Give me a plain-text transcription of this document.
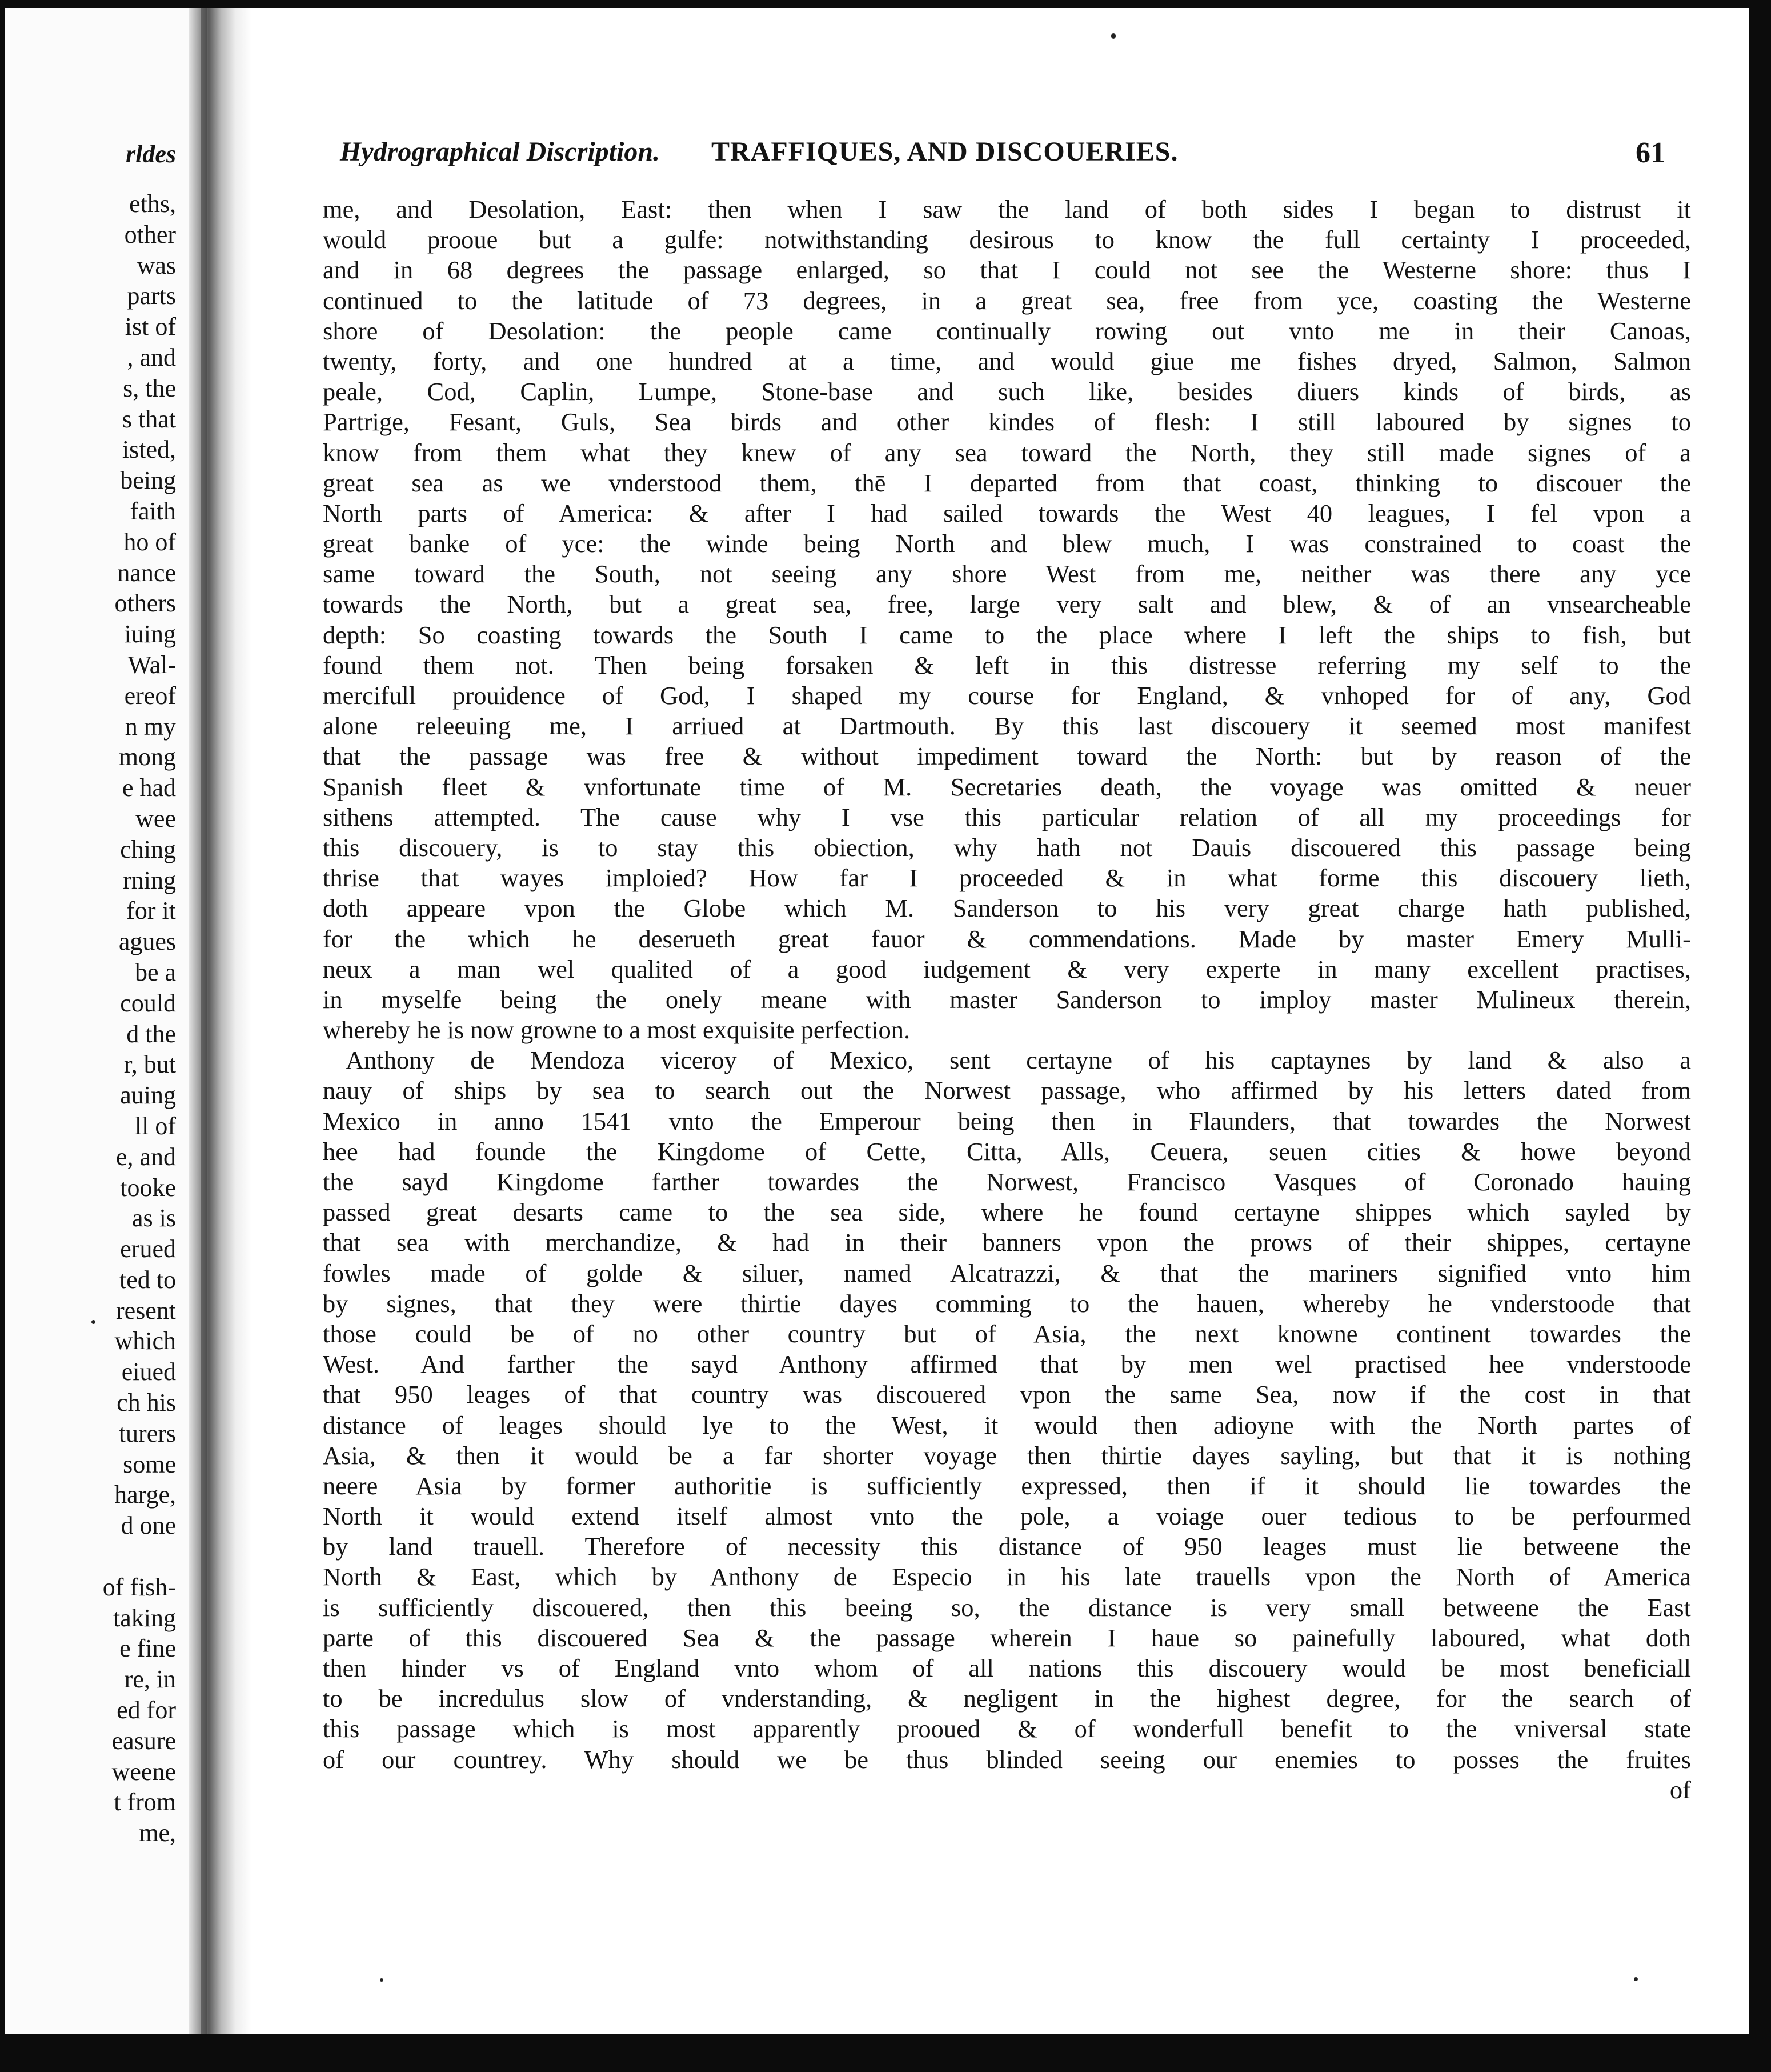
rldes
eths,
other
was
parts
ist of
, and
s, the
s that
isted,
being
faith
ho of
nance
others
iuing
Wal-
ereof
n my
mong
e had
wee
ching
rning
for it
agues
be a
could
d the
r, but
auing
ll of
e, and
tooke
as is
erued
ted to
resent
which
eiued
ch his
turers
some
harge,
d one
of fish-
taking
e fine
re, in
ed for
easure
weene
t from
me,
Hydrographical Discription. TRAFFIQUES, AND DISCOUERIES.	61
me, and Desolation, East: then when I saw the land of both sides I began to distrust it
would prooue but a gulfe: notwithstanding desirous to know the full certainty I proceeded,
and in 68 degrees the passage enlarged, so that I could not see the Westerne shore: thus I
continued to the latitude of 73 degrees, in a great sea, free from yce, coasting the Westerne
shore of Desolation: the people came continually rowing out vnto me in their Canoas,
twenty, forty, and one hundred at a time, and would giue me fishes dryed, Salmon, Salmon
peale, Cod, Caplin, Lumpe, Stone-base and such like, besides diuers kinds of birds, as
Partrige, Fesant, Guls, Sea birds and other kindes of flesh: I still laboured by signes to
know from them what they knew of any sea toward the North, they still made signes of a
great sea as we vnderstood them, thē I departed from that coast, thinking to discouer the
North parts of America: & after I had sailed towards the West 40 leagues, I fel vpon a
great banke of yce: the winde being North and blew much, I was constrained to coast the
same toward the South, not seeing any shore West from me, neither was there any yce
towards the North, but a great sea, free, large very salt and blew, & of an vnsearcheable
depth: So coasting towards the South I came to the place where I left the ships to fish, but
found them not. Then being forsaken & left in this distresse referring my self to the
mercifull prouidence of God, I shaped my course for England, & vnhoped for of any, God
alone releeuing me, I arriued at Dartmouth. By this last discouery it seemed most manifest
that the passage was free & without impediment toward the North: but by reason of the
Spanish fleet & vnfortunate time of M. Secretaries death, the voyage was omitted & neuer
sithens attempted. The cause why I vse this particular relation of all my proceedings for
this discouery, is to stay this obiection, why hath not Dauis discouered this passage being
thrise that wayes imploied? How far I proceeded & in what forme this discouery lieth,
doth appeare vpon the Globe which M. Sanderson to his very great charge hath published,
for the which he deserueth great fauor & commendations. Made by master Emery Mulli-
neux a man wel qualited of a good iudgement & very experte in many excellent practises,
in myselfe being the onely meane with master Sanderson to imploy master Mulineux therein,
whereby he is now growne to a most exquisite perfection.
Anthony de Mendoza viceroy of Mexico, sent certayne of his captaynes by land & also a
nauy of ships by sea to search out the Norwest passage, who affirmed by his letters dated from
Mexico in anno 1541 vnto the Emperour being then in Flaunders, that towardes the Norwest
hee had founde the Kingdome of Cette, Citta, Alls, Ceuera, seuen cities & howe beyond
the sayd Kingdome farther towardes the Norwest, Francisco Vasques of Coronado hauing
passed great desarts came to the sea side, where he found certayne shippes which sayled by
that sea with merchandize, & had in their banners vpon the prows of their shippes, certayne
fowles made of golde & siluer, named Alcatrazzi, & that the mariners signified vnto him
by signes, that they were thirtie dayes comming to the hauen, whereby he vnderstoode that
those could be of no other country but of Asia, the next knowne continent towardes the
West. And farther the sayd Anthony affirmed that by men wel practised hee vnderstoode
that 950 leages of that country was discouered vpon the same Sea, now if the cost in that
distance of leages should lye to the West, it would then adioyne with the North partes of
Asia, & then it would be a far shorter voyage then thirtie dayes sayling, but that it is nothing
neere Asia by former authoritie is sufficiently expressed, then if it should lie towardes the
North it would extend itself almost vnto the pole, a voiage ouer tedious to be perfourmed
by land trauell. Therefore of necessity this distance of 950 leages must lie betweene the
North & East, which by Anthony de Especio in his late trauells vpon the North of America
is sufficiently discouered, then this beeing so, the distance is very small betweene the East
parte of this discouered Sea & the passage wherein I haue so painefully laboured, what doth
then hinder vs of England vnto whom of all nations this discouery would be most beneficiall
to be incredulus slow of vnderstanding, & negligent in the highest degree, for the search of
this passage which is most apparently prooued & of wonderfull benefit to the vniversal state
of our countrey. Why should we be thus blinded seeing our enemies to posses the fruites
of
